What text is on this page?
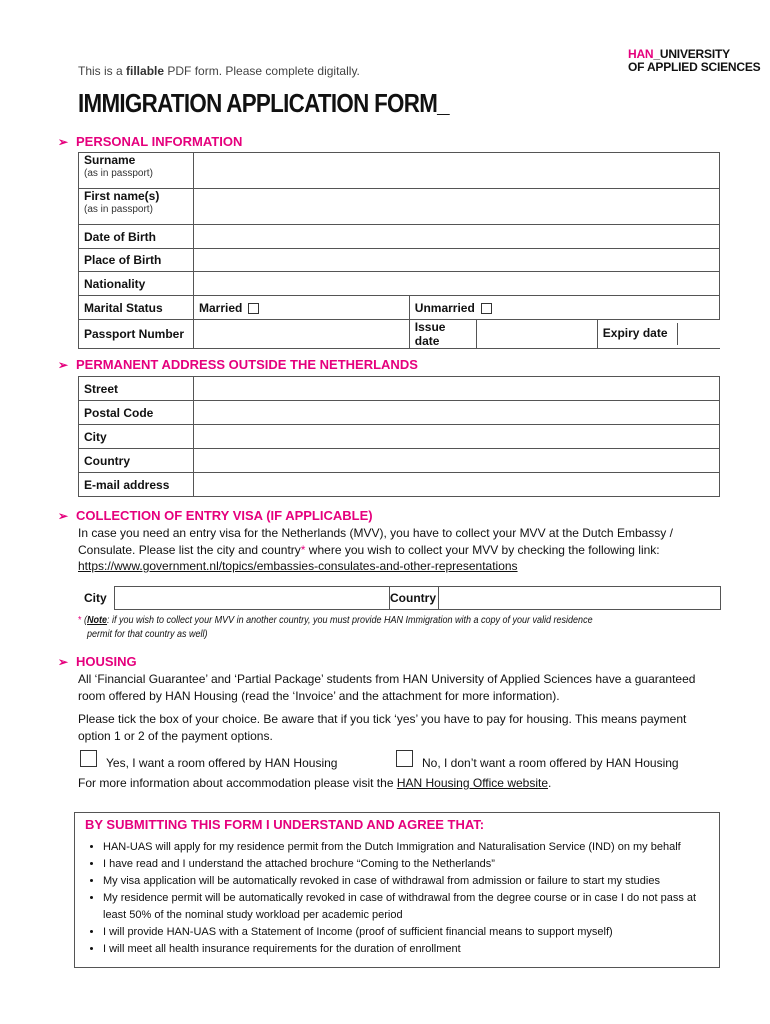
This is a fillable PDF form. Please complete digitally.
HAN_UNIVERSITY
OF APPLIED SCIENCES
IMMIGRATION APPLICATION FORM_
➢ PERSONAL INFORMATION
Surname
(as in passport)				

First name(s)
(as in passport)				

Date of Birth				
Place of Birth				
Nationality				
Marital Status	Married	Unmarried		
Passport Number		Issue date		Expiry date
➢ PERMANENT ADDRESS OUTSIDE THE NETHERLANDS
Street	
Postal Code	
City	
Country	
E-mail address	
➢ COLLECTION OF ENTRY VISA (IF APPLICABLE)
In case you need an entry visa for the Netherlands (MVV), you have to collect your MVV at the Dutch Embassy /
Consulate. Please list the city and country* where you wish to collect your MVV by checking the following link:
https://www.government.nl/topics/embassies-consulates-and-other-representations
City	Country
* (Note: if you wish to collect your MVV in another country, you must provide HAN Immigration with a copy of your valid residence
permit for that country as well)
➢ HOUSING
All ‘Financial Guarantee’ and ‘Partial Package’ students from HAN University of Applied Sciences have a guaranteed
room offered by HAN Housing (read the ‘Invoice’ and the attachment for more information).
Please tick the box of your choice. Be aware that if you tick ‘yes’ you have to pay for housing. This means payment
option 1 or 2 of the payment options.
Yes, I want a room offered by HAN Housing	No, I don’t want a room offered by HAN Housing
For more information about accommodation please visit the HAN Housing Office website.
BY SUBMITTING THIS FORM I UNDERSTAND AND AGREE THAT:
• HAN-UAS will apply for my residence permit from the Dutch Immigration and Naturalisation Service (IND) on my behalf
• I have read and I understand the attached brochure “Coming to the Netherlands”
• My visa application will be automatically revoked in case of withdrawal from admission or failure to start my studies
• My residence permit will be automatically revoked in case of withdrawal from the degree course or in case I do not pass at least 50% of the nominal study workload per academic period
• I will provide HAN-UAS with a Statement of Income (proof of sufficient financial means to support myself)
• I will meet all health insurance requirements for the duration of enrollment
